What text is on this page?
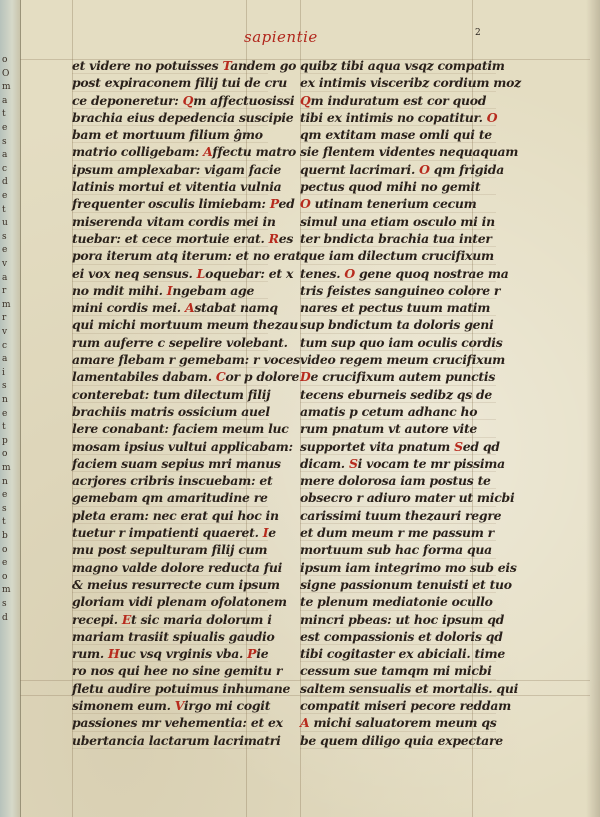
o
O
m
a
t
e
s
a
c
d
e
t
u
s
e
v
a
r
m
r
v
c
a
i
s
n
e
t
p
o
m
n
e
s
t
b
o
e
o
m
s
d
sapientie	2
et videre no potuisses Tandem go
post expiraconem filij tui de cru
ce deponeretur: Qm affectuosissi
brachia eius depedencia suscipie
bam et mortuum filium ĝmo
matrio colligebam: Affectu matro
ipsum amplexabar: vigam facie
latinis mortui et vitentia vulnia
frequenter osculis limiebam: Ped
miserenda vitam cordis mei in
tuebar: et cece mortuie erat. Res
pora iterum atq iterum: et no erat
ei vox neq sensus. Loquebar: et x
no mdit mihi. Ingebam age
mini cordis mei. Astabat namq
qui michi mortuum meum thezau
rum auferre c sepelire volebant.
amare flebam r gemebam: r voces
lamentabiles dabam. Cor p dolore
conterebat: tum dilectum filij
brachiis matris ossicium auel
lere conabant: faciem meum luc
mosam ipsius vultui applicabam:
faciem suam sepius mri manus
acrjores cribris inscuebam: et
gemebam qm amaritudine re
pleta eram: nec erat qui hoc in
tuetur r impatienti quaeret. Ie
mu post sepulturam filij cum
magno valde dolore reducta fui
& meius resurrecte cum ipsum
gloriam vidi plenam ofolatonem
recepi. Et sic maria dolorum i
mariam trasiit spiualis gaudio
rum. Huc vsq vrginis vba. Pie
ro nos qui hee no sine gemitu r
fletu audire potuimus inhumane
simonem eum. Virgo mi cogit
passiones mr vehementia: et ex
ubertancia lactarum lacrimatri
quibz tibi aqua vsqz compatim
ex intimis visceribz cordium moz
Qm induratum est cor quod
tibi ex intimis no copatitur. O
qm extitam mase omli qui te
sie flentem videntes nequaquam
quernt lacrimari. O qm frigida
pectus quod mihi no gemit
O utinam tenerium cecum
simul una etiam osculo mi in
ter bndicta brachia tua inter
que iam dilectum crucifixum
tenes. O gene quoq nostrae ma
tris feistes sanguineo colore r
nares et pectus tuum matim
sup bndictum ta doloris geni
tum sup quo iam oculis cordis
video regem meum crucifixum
De crucifixum autem punctis
tecens eburneis sedibz qs de
amatis p cetum adhanc ho
rum pnatum vt autore vite
supportet vita pnatum Sed qd
dicam. Si vocam te mr pissima
mere dolorosa iam postus te
obsecro r adiuro mater ut micbi
carissimi tuum thezauri regre
et dum meum r me passum r
mortuum sub hac forma qua
ipsum iam integrimo mo sub eis
signe passionum tenuisti et tuo
te plenum mediatonie ocullo
mincri pbeas: ut hoc ipsum qd
est compassionis et doloris qd
tibi cogitaster ex abiciali. time
cessum sue tamqm mi micbi
saltem sensualis et mortalis. qui
compatit miseri pecore reddam
A michi saluatorem meum qs
be quem diligo quia expectare
